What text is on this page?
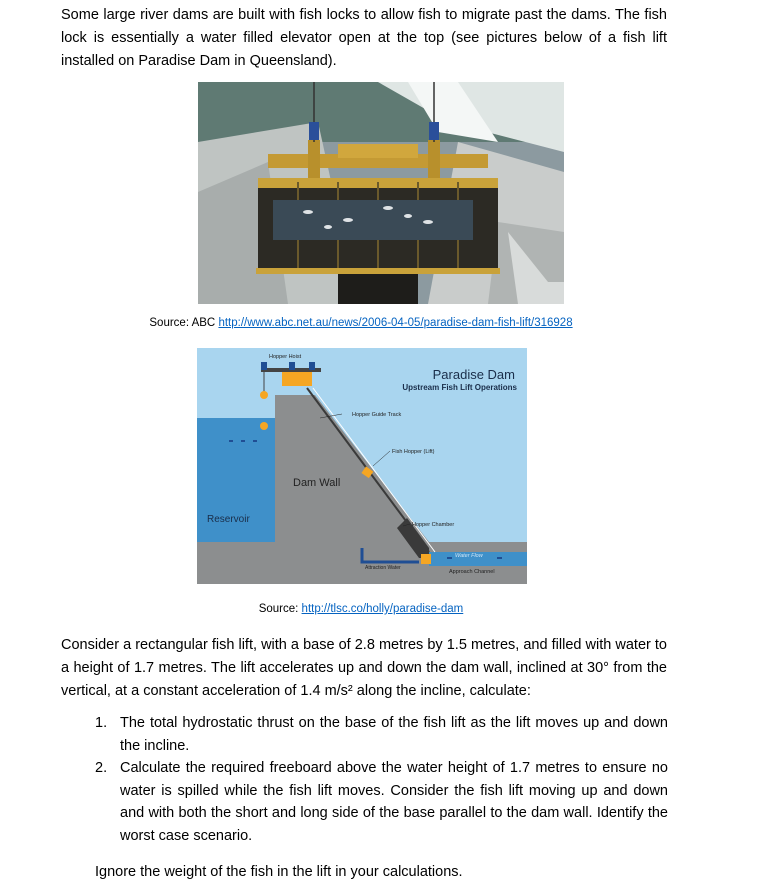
Some large river dams are built with fish locks to allow fish to migrate past the dams. The fish lock is essentially a water filled elevator open at the top (see pictures below of a fish lift installed on Paradise Dam in Queensland).
Source: ABC http://www.abc.net.au/news/2006-04-05/paradise-dam-fish-lift/316928
Hopper Hoist
Paradise Dam
Upstream Fish Lift Operations
Hopper Guide Track
Fish Hopper (Lift)
Dam Wall
Reservoir	Hopper Chamber
Water Flow
Attraction Water
Approach Channel
Source: http://tlsc.co/holly/paradise-dam
Consider a rectangular fish lift, with a base of 2.8 metres by 1.5 metres, and filled with water to a height of 1.7 metres. The lift accelerates up and down the dam wall, inclined at 30° from the vertical, at a constant acceleration of 1.4 m/s² along the incline, calculate:
1. The total hydrostatic thrust on the base of the fish lift as the lift moves up and down the incline.
2. Calculate the required freeboard above the water height of 1.7 metres to ensure no water is spilled while the fish lift moves. Consider the fish lift moving up and down and with both the short and long side of the base parallel to the dam wall. Identify the worst case scenario.
Ignore the weight of the fish in the lift in your calculations.
